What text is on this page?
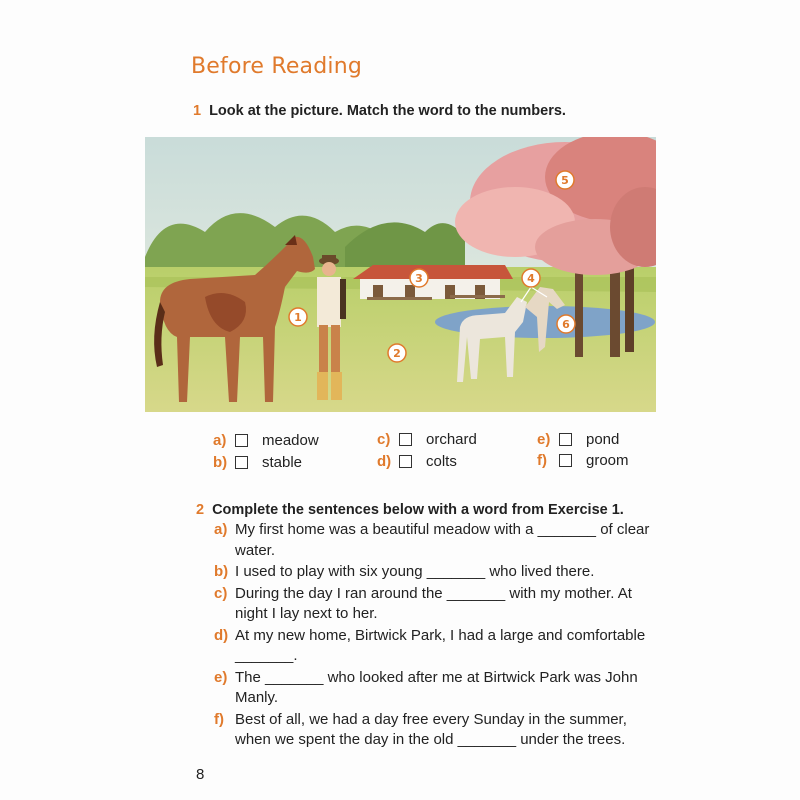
Before Reading
1 Look at the picture. Match the word to the numbers.
1
2
3	4
5
6
a)	meadow
b)	stable
c)	orchard
d)	colts
e)	pond
f)	groom
2 Complete the sentences below with a word from Exercise 1.
a) My first home was a beautiful meadow with a _______ of clear water.
b) I used to play with six young _______ who lived there.
c) During the day I ran around the _______ with my mother. At night I lay next to her.
d) At my new home, Birtwick Park, I had a large and comfortable _______.
e) The _______ who looked after me at Birtwick Park was John Manly.
f) Best of all, we had a day free every Sunday in the summer, when we spent the day in the old _______ under the trees.
8
